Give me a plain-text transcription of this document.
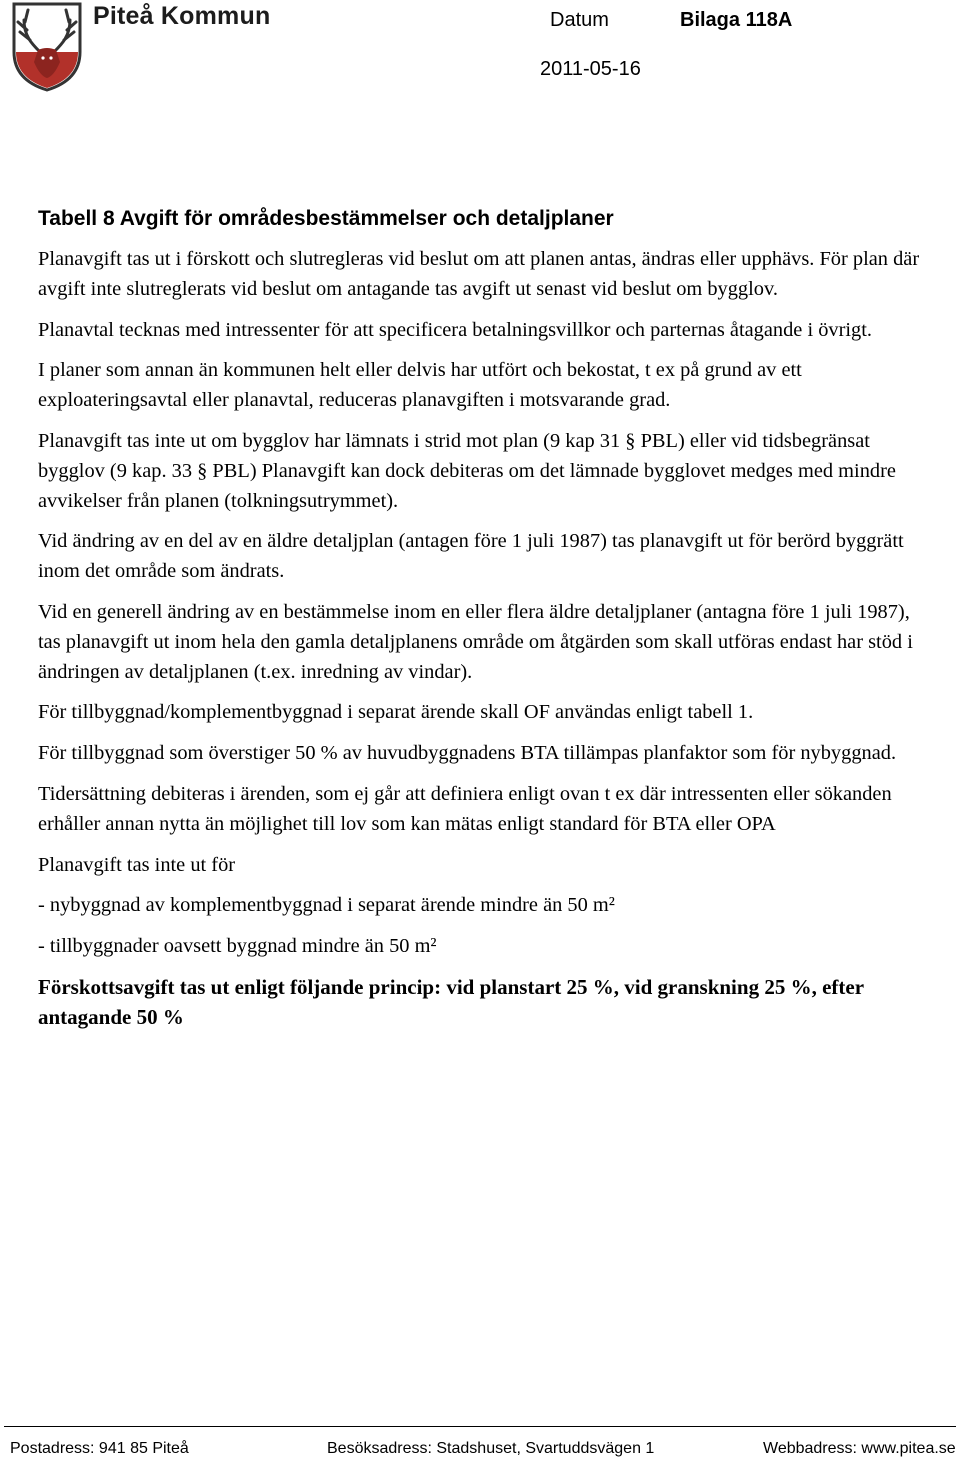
Piteå Kommun	Datum	Bilaga 118A
2011-05-16
Tabell 8 Avgift för områdesbestämmelser och detaljplaner

Planavgift tas ut i förskott och slutregleras vid beslut om att planen antas, ändras eller upphävs. För plan där avgift inte slutreglerats vid beslut om antagande tas avgift ut senast vid beslut om bygglov.

Planavtal tecknas med intressenter för att specificera betalningsvillkor och parternas åtagande i övrigt.

I planer som annan än kommunen helt eller delvis har utfört och bekostat, t ex på grund av ett exploateringsavtal eller planavtal, reduceras planavgiften i motsvarande grad.

Planavgift tas inte ut om bygglov har lämnats i strid mot plan (9 kap 31 § PBL) eller vid tidsbegränsat bygglov (9 kap. 33 § PBL) Planavgift kan dock debiteras om det lämnade bygglovet medges med mindre avvikelser från planen (tolkningsutrymmet).

Vid ändring av en del av en äldre detaljplan (antagen före 1 juli 1987) tas planavgift ut för berörd byggrätt inom det område som ändrats.

Vid en generell ändring av en bestämmelse inom en eller flera äldre detaljplaner (antagna före 1 juli 1987), tas planavgift ut inom hela den gamla detaljplanens område om åtgärden som skall utföras endast har stöd i ändringen av detaljplanen (t.ex. inredning av vindar).

För tillbyggnad/komplementbyggnad i separat ärende skall OF användas enligt tabell 1.

För tillbyggnad som överstiger 50 % av huvudbyggnadens BTA tillämpas planfaktor som för nybyggnad.

Tidersättning debiteras i ärenden, som ej går att definiera enligt ovan t ex där intressenten eller sökanden erhåller annan nytta än möjlighet till lov som kan mätas enligt standard för BTA eller OPA

Planavgift tas inte ut för

- nybyggnad av komplementbyggnad i separat ärende mindre än 50 m²

- tillbyggnader oavsett byggnad mindre än 50 m²

Förskottsavgift tas ut enligt följande princip: vid planstart 25 %, vid granskning 25 %, efter antagande 50 %

Postadress: 941 85 Piteå	Besöksadress: Stadshuset, Svartuddsvägen 1	Webbadress: www.pitea.se
